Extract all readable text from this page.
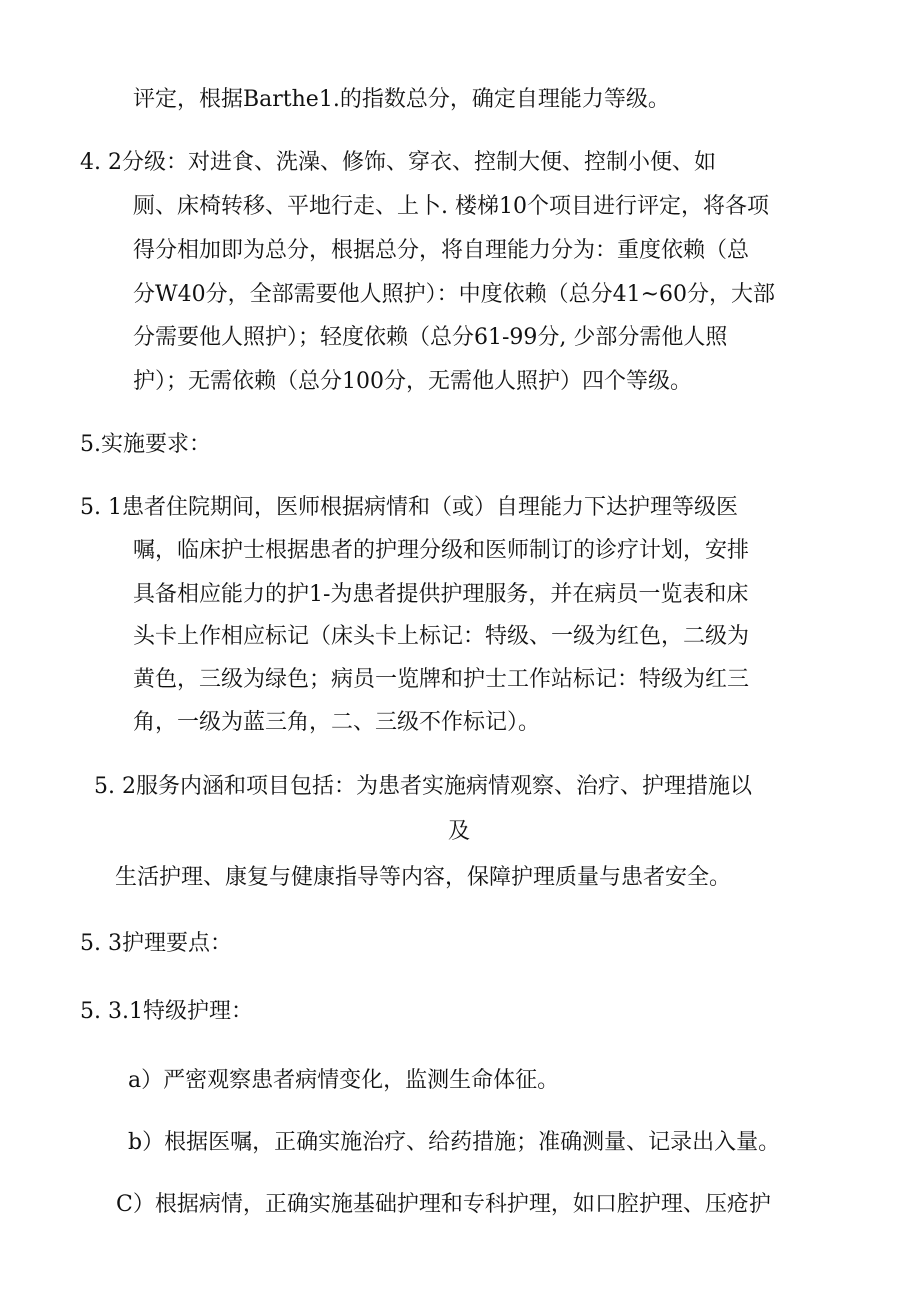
评定，根据Barthe1.的指数总分，确定自理能力等级。
4. 2分级：对进食、洗澡、修饰、穿衣、控制大便、控制小便、如
厕、床椅转移、平地行走、上卜. 楼梯10个项目进行评定，将各项
得分相加即为总分，根据总分，将自理能力分为：重度依赖（总
分W40分，全部需要他人照护）：中度依赖（总分41~60分，大部
分需要他人照护）；轻度依赖（总分61-99分, 少部分需他人照
护）；无需依赖（总分100分，无需他人照护）四个等级。
5.实施要求：
5. 1患者住院期间，医师根据病情和（或）自理能力下达护理等级医
嘱，临床护士根据患者的护理分级和医师制订的诊疗计划，安排
具备相应能力的护1-为患者提供护理服务，并在病员一览表和床
头卡上作相应标记（床头卡上标记：特级、一级为红色，二级为
黄色，三级为绿色；病员一览牌和护士工作站标记：特级为红三
角，一级为蓝三角，二、三级不作标记）。
5. 2服务内涵和项目包括：为患者实施病情观察、治疗、护理措施以
及
生活护理、康复与健康指导等内容，保障护理质量与患者安全。
5. 3护理要点：
5. 3.1特级护理：
a）严密观察患者病情变化，监测生命体征。
b）根据医嘱，正确实施治疗、给药措施；准确测量、记录出入量。
C）根据病情，正确实施基础护理和专科护理，如口腔护理、压疮护
